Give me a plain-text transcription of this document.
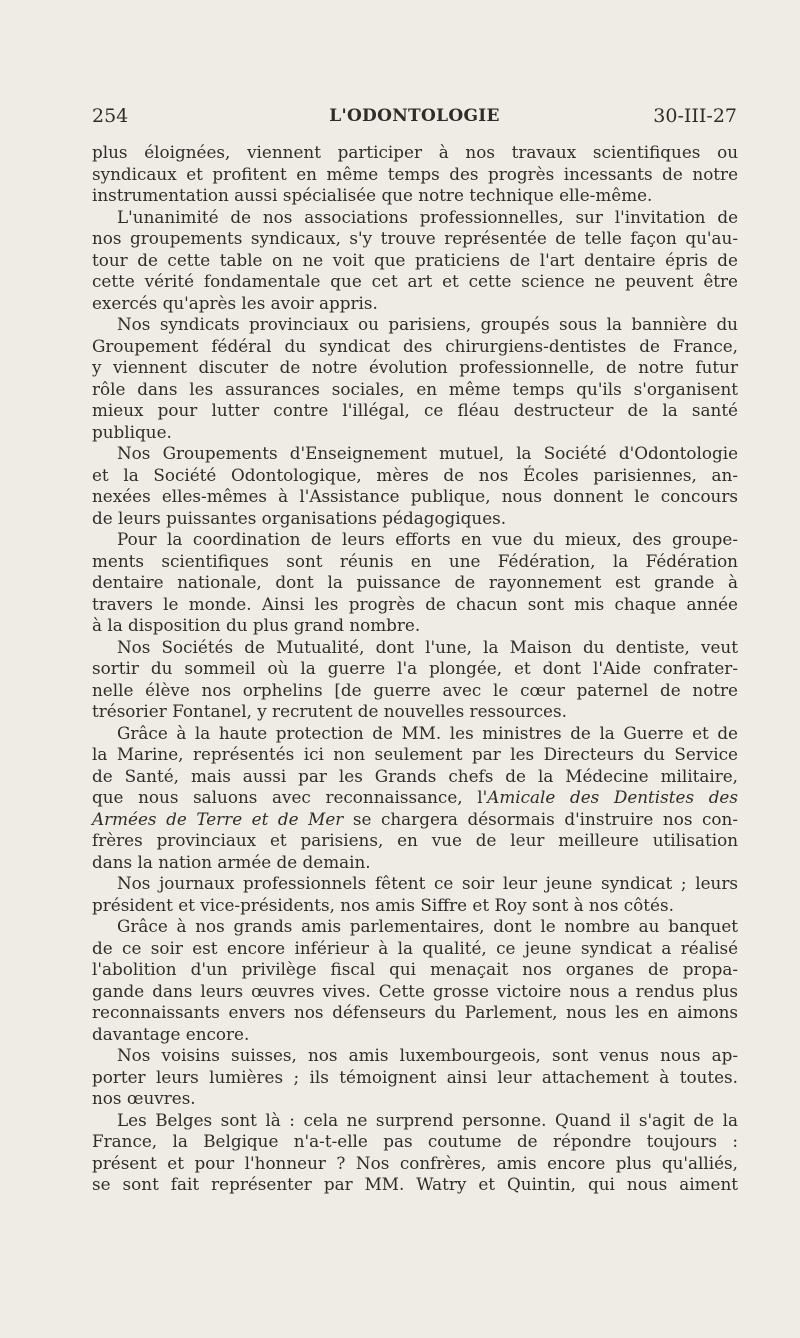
254	L'ODONTOLOGIE	30-III-27
plus éloignées, viennent participer à nos travaux scientifiques ou
syndicaux et profitent en même temps des progrès incessants de notre
instrumentation aussi spécialisée que notre technique elle-même.
L'unanimité de nos associations professionnelles, sur l'invitation de
nos groupements syndicaux, s'y trouve représentée de telle façon qu'au-
tour de cette table on ne voit que praticiens de l'art dentaire épris de
cette vérité fondamentale que cet art et cette science ne peuvent être
exercés qu'après les avoir appris.
Nos syndicats provinciaux ou parisiens, groupés sous la bannière du
Groupement fédéral du syndicat des chirurgiens-dentistes de France,
y viennent discuter de notre évolution professionnelle, de notre futur
rôle dans les assurances sociales, en même temps qu'ils s'organisent
mieux pour lutter contre l'illégal, ce fléau destructeur de la santé
publique.
Nos Groupements d'Enseignement mutuel, la Société d'Odontologie
et la Société Odontologique, mères de nos Écoles parisiennes, an-
nexées elles-mêmes à l'Assistance publique, nous donnent le concours
de leurs puissantes organisations pédagogiques.
Pour la coordination de leurs efforts en vue du mieux, des groupe-
ments scientifiques sont réunis en une Fédération, la Fédération
dentaire nationale, dont la puissance de rayonnement est grande à
travers le monde. Ainsi les progrès de chacun sont mis chaque année
à la disposition du plus grand nombre.
Nos Sociétés de Mutualité, dont l'une, la Maison du dentiste, veut
sortir du sommeil où la guerre l'a plongée, et dont l'Aide confrater-
nelle élève nos orphelins [de guerre avec le cœur paternel de notre
trésorier Fontanel, y recrutent de nouvelles ressources.
Grâce à la haute protection de MM. les ministres de la Guerre et de
la Marine, représentés ici non seulement par les Directeurs du Service
de Santé, mais aussi par les Grands chefs de la Médecine militaire,
que nous saluons avec reconnaissance, l'Amicale des Dentistes des
Armées de Terre et de Mer se chargera désormais d'instruire nos con-
frères provinciaux et parisiens, en vue de leur meilleure utilisation
dans la nation armée de demain.
Nos journaux professionnels fêtent ce soir leur jeune syndicat ; leurs
président et vice-présidents, nos amis Siffre et Roy sont à nos côtés.
Grâce à nos grands amis parlementaires, dont le nombre au banquet
de ce soir est encore inférieur à la qualité, ce jeune syndicat a réalisé
l'abolition d'un privilège fiscal qui menaçait nos organes de propa-
gande dans leurs œuvres vives. Cette grosse victoire nous a rendus plus
reconnaissants envers nos défenseurs du Parlement, nous les en aimons
davantage encore.
Nos voisins suisses, nos amis luxembourgeois, sont venus nous ap-
porter leurs lumières ; ils témoignent ainsi leur attachement à toutes.
nos œuvres.
Les Belges sont là : cela ne surprend personne. Quand il s'agit de la
France, la Belgique n'a-t-elle pas coutume de répondre toujours :
présent et pour l'honneur ? Nos confrères, amis encore plus qu'alliés,
se sont fait représenter par MM. Watry et Quintin, qui nous aiment
